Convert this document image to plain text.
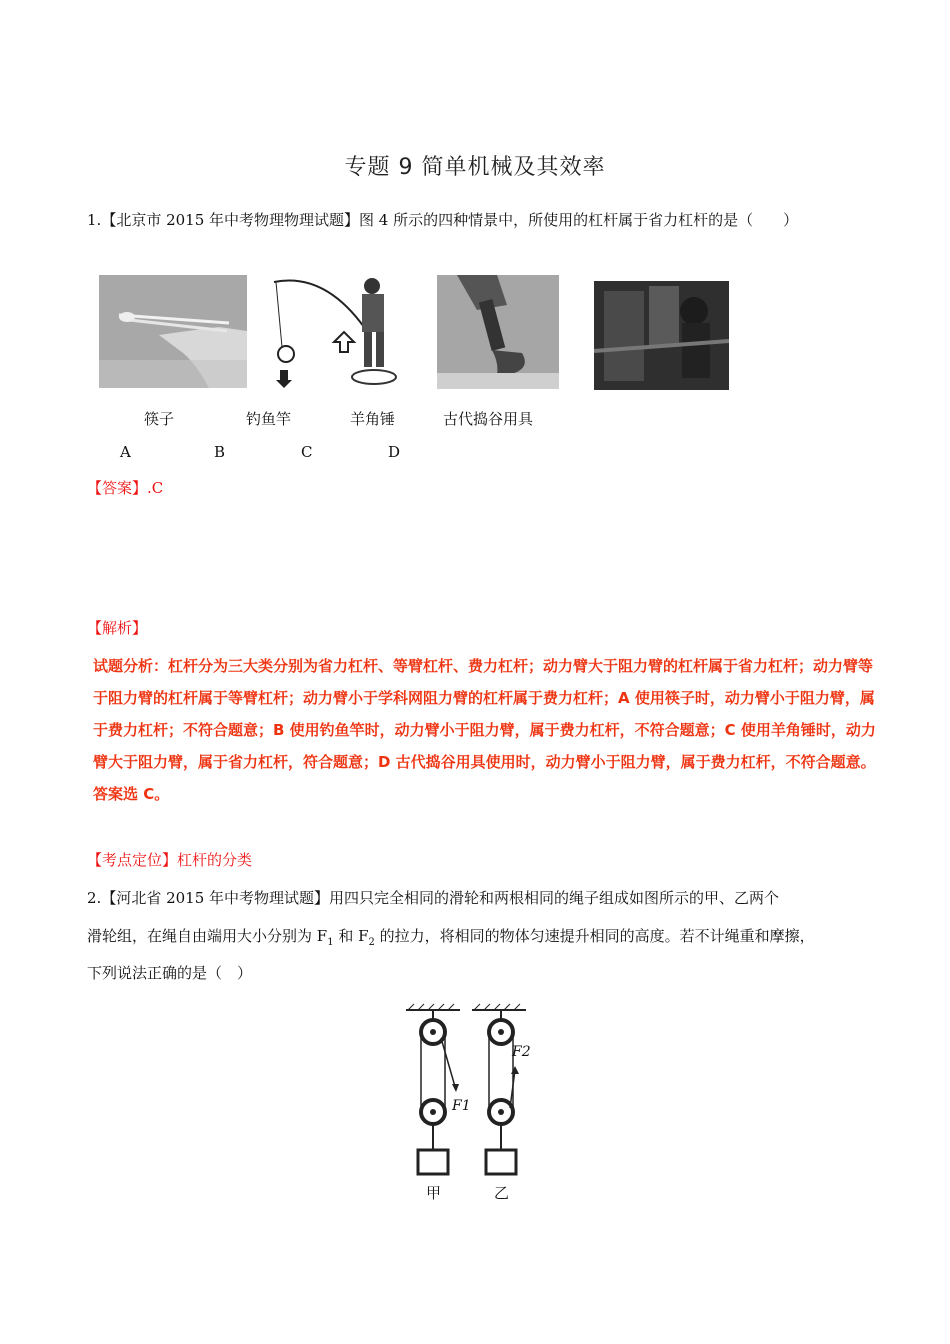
专题 9 简单机械及其效率
1.【北京市 2015 年中考物理物理试题】图 4 所示的四种情景中，所使用的杠杆属于省力杠杆的是（　　）
筷子	钓鱼竿	羊角锤	古代捣谷用具
A	B	C	D
【答案】.C
【解析】
试题分析：杠杆分为三大类分别为省力杠杆、等臂杠杆、费力杠杆；动力臂大于阻力臂的杠杆属于省力杠杆；动力臂等于阻力臂的杠杆属于等臂杠杆；动力臂小于学科网阻力臂的杠杆属于费力杠杆；A 使用筷子时，动力臂小于阻力臂，属于费力杠杆；不符合题意；B 使用钓鱼竿时，动力臂小于阻力臂，属于费力杠杆，不符合题意；C 使用羊角锤时，动力臂大于阻力臂，属于省力杠杆，符合题意；D 古代捣谷用具使用时，动力臂小于阻力臂，属于费力杠杆，不符合题意。答案选 C。
【考点定位】杠杆的分类
2.【河北省 2015 年中考物理试题】用四只完全相同的滑轮和两根相同的绳子组成如图所示的甲、乙两个
滑轮组，在绳自由端用大小分别为 $F_1$ 和 $F_2$ 的拉力，将相同的物体匀速提升相同的高度。若不计绳重和摩擦，
下列说法正确的是（　）
F1
F2
甲	乙
